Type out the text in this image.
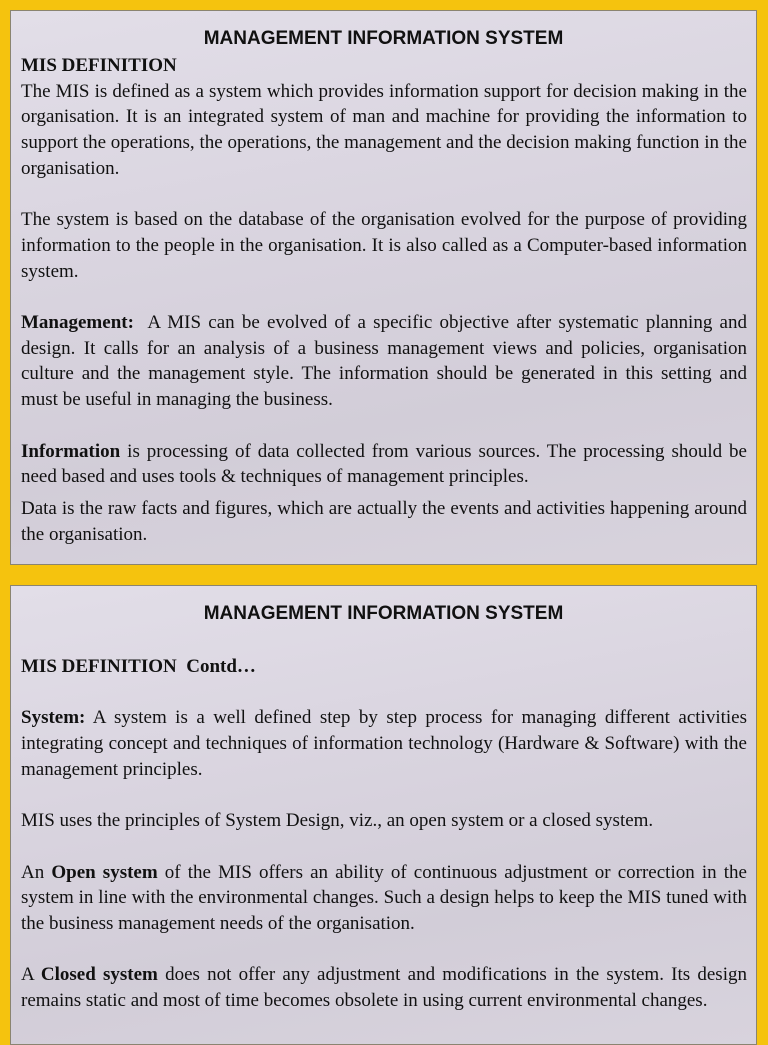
MANAGEMENT INFORMATION SYSTEM

MIS DEFINITION

The MIS is defined as a system which provides information support for decision making in the organisation. It is an integrated system of man and machine for providing the information to support the operations, the operations, the management and the decision making function in the organisation.

The system is based on the database of the organisation evolved for the purpose of providing information to the people in the organisation. It is also called as a Computer-based information system.

Management:  A MIS can be evolved of a specific objective after systematic planning and design. It calls for an analysis of a business management views and policies, organisation culture and the management style. The information should be generated in this setting and must be useful in managing the business.

Information is processing of data collected from various sources. The processing should be need based and uses tools & techniques of management principles.

Data is the raw facts and figures, which are actually the events and activities happening around the organisation.

MANAGEMENT INFORMATION SYSTEM

MIS DEFINITION  Contd…

System: A system is a well defined step by step process for managing different activities integrating concept and techniques of information technology (Hardware & Software) with the management principles.

MIS uses the principles of System Design, viz., an open system or a closed system.

An Open system of the MIS offers an ability of continuous adjustment or correction in the system in line with the environmental changes. Such a design helps to keep the MIS tuned with the business management needs of the organisation.

A Closed system does not offer any adjustment and modifications in the system. Its design remains static and most of time becomes obsolete in using current environmental changes.
